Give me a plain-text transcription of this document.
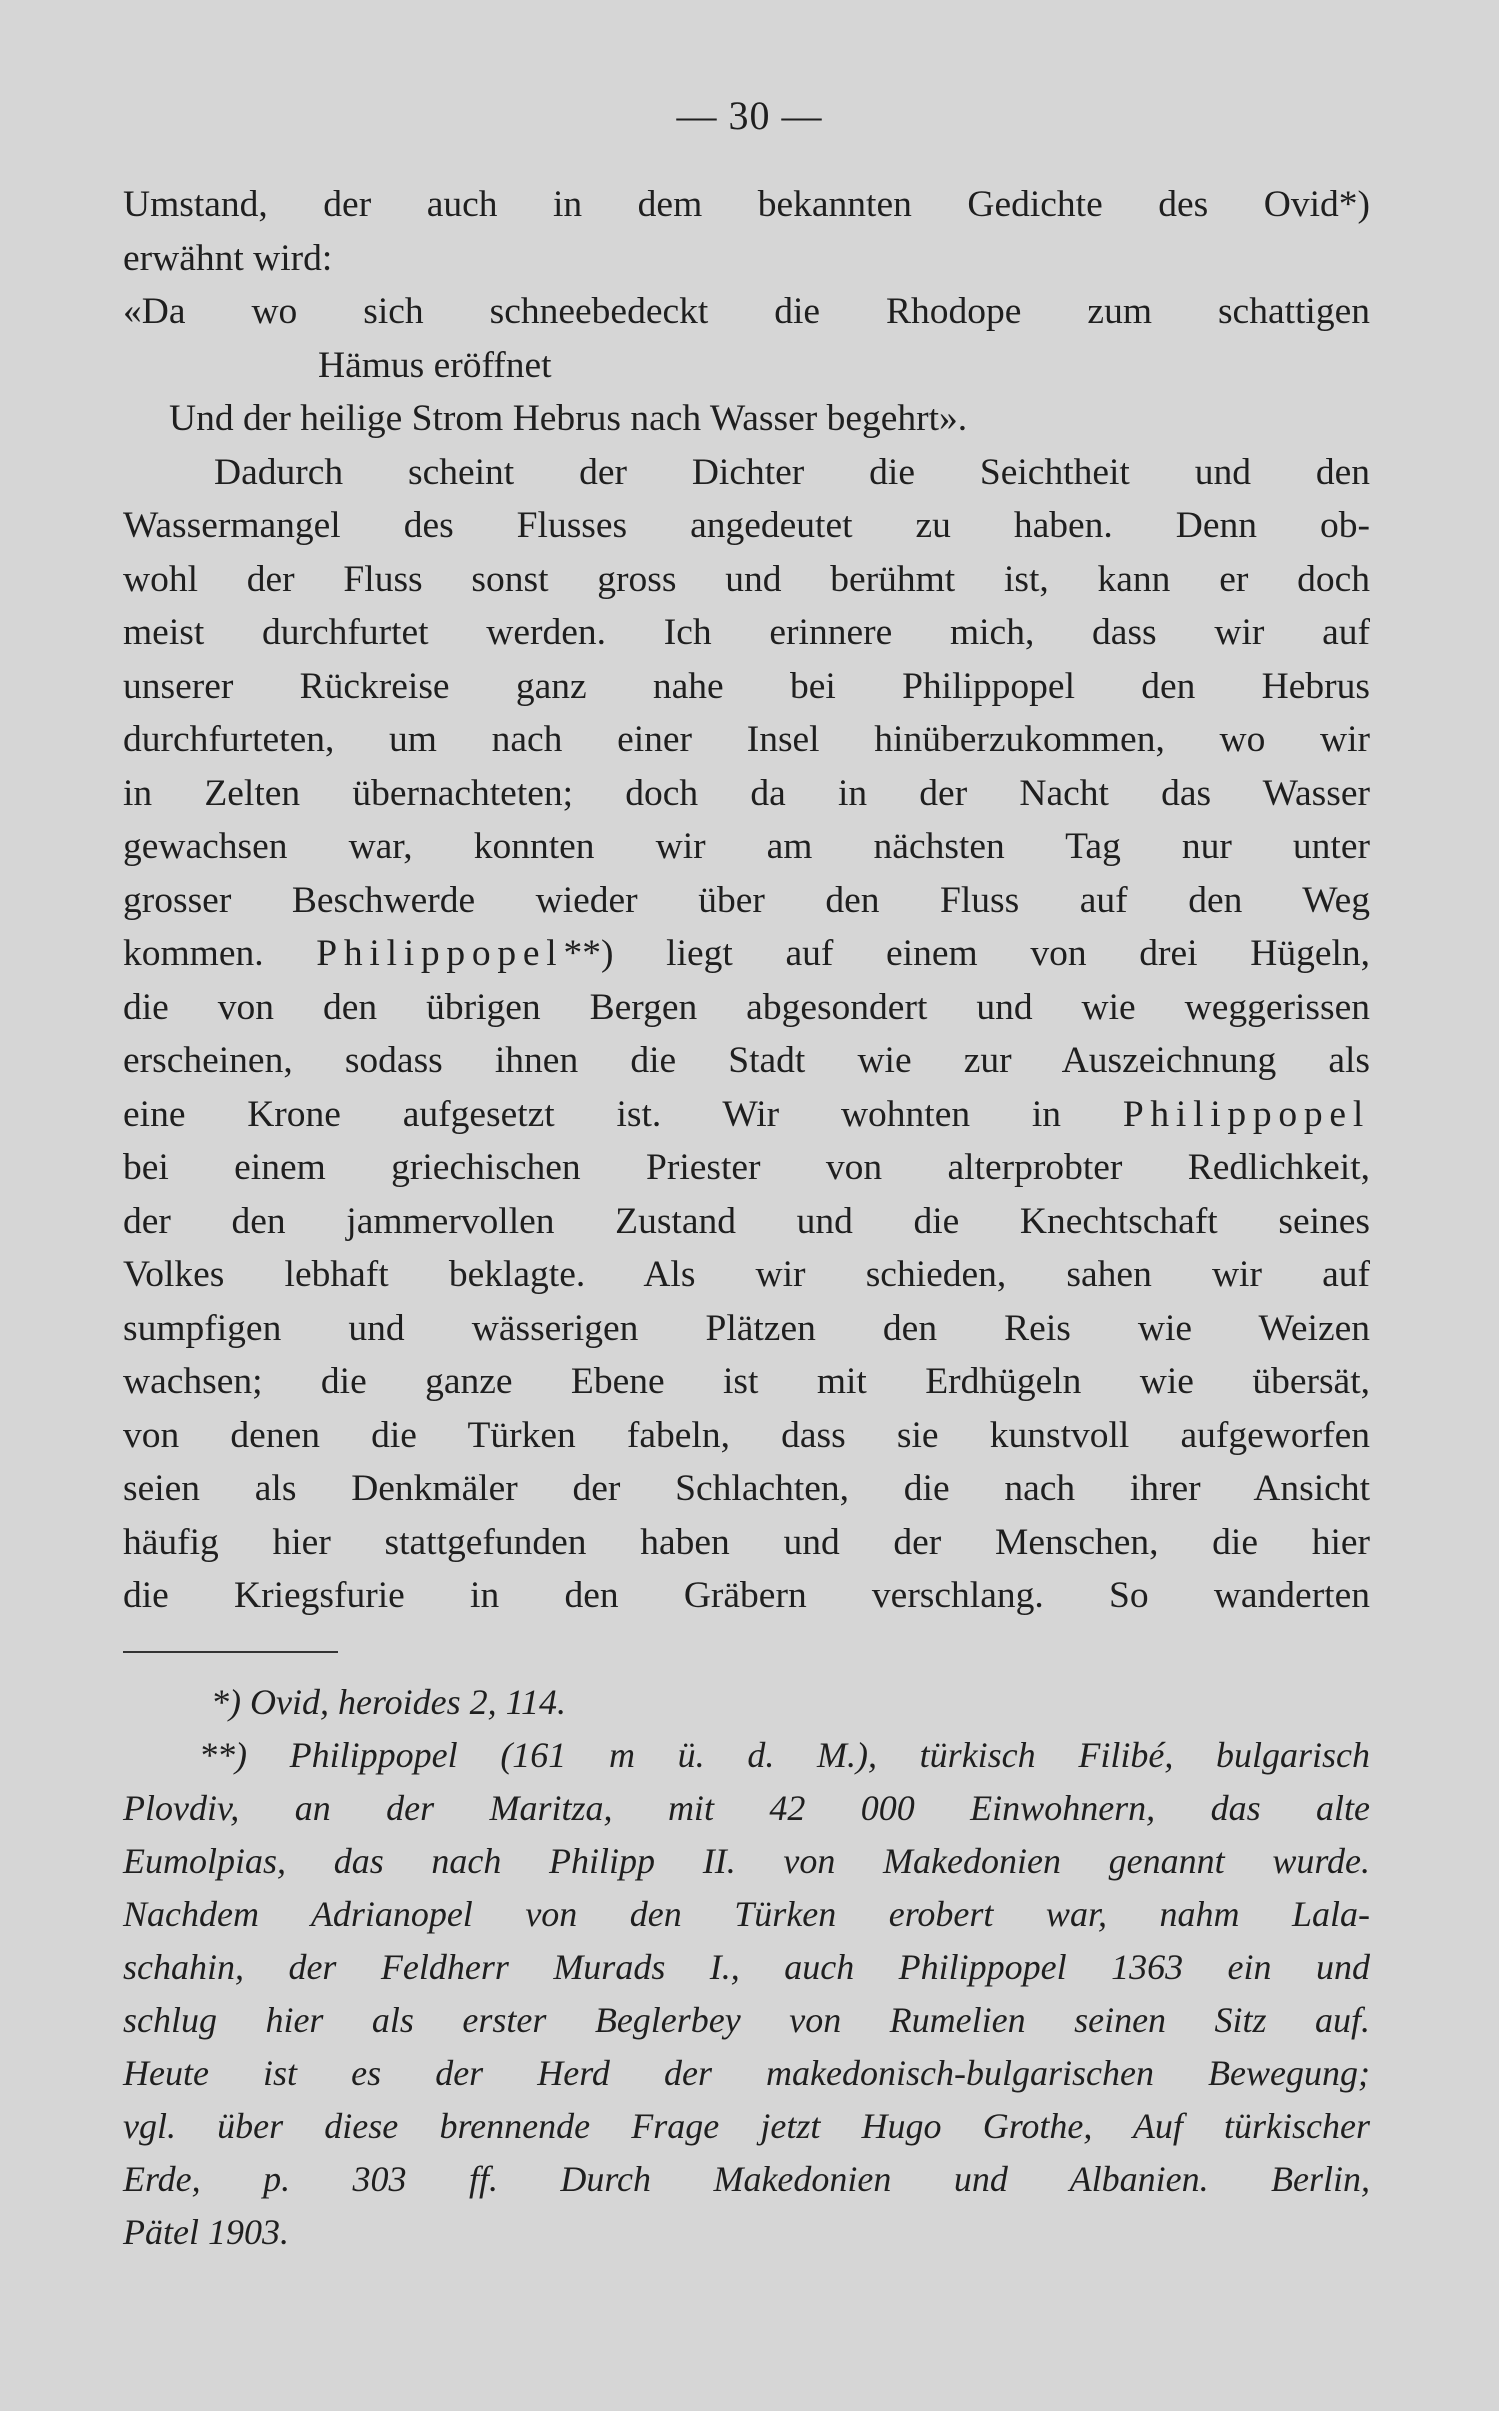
— 30 —
Umstand, der auch in dem bekannten Gedichte des Ovid*)
erwähnt wird:
«Da wo sich schneebedeckt die Rhodope zum schattigen
Hämus eröffnet
Und der heilige Strom Hebrus nach Wasser begehrt».
Dadurch scheint der Dichter die Seichtheit und den
Wassermangel des Flusses angedeutet zu haben. Denn ob-
wohl der Fluss sonst gross und berühmt ist, kann er doch
meist durchfurtet werden. Ich erinnere mich, dass wir auf
unserer Rückreise ganz nahe bei Philippopel den Hebrus
durchfurteten, um nach einer Insel hinüberzukommen, wo wir
in Zelten übernachteten; doch da in der Nacht das Wasser
gewachsen war, konnten wir am nächsten Tag nur unter
grosser Beschwerde wieder über den Fluss auf den Weg
kommen. Philippopel**) liegt auf einem von drei Hügeln,
die von den übrigen Bergen abgesondert und wie weggerissen
erscheinen, sodass ihnen die Stadt wie zur Auszeichnung als
eine Krone aufgesetzt ist. Wir wohnten in Philippopel
bei einem griechischen Priester von alterprobter Redlichkeit,
der den jammervollen Zustand und die Knechtschaft seines
Volkes lebhaft beklagte. Als wir schieden, sahen wir auf
sumpfigen und wässerigen Plätzen den Reis wie Weizen
wachsen; die ganze Ebene ist mit Erdhügeln wie übersät,
von denen die Türken fabeln, dass sie kunstvoll aufgeworfen
seien als Denkmäler der Schlachten, die nach ihrer Ansicht
häufig hier stattgefunden haben und der Menschen, die hier
die Kriegsfurie in den Gräbern verschlang. So wanderten
*) Ovid, heroides 2, 114.
**) Philippopel (161 m ü. d. M.), türkisch Filibé, bulgarisch
Plovdiv, an der Maritza, mit 42 000 Einwohnern, das alte
Eumolpias, das nach Philipp II. von Makedonien genannt wurde.
Nachdem Adrianopel von den Türken erobert war, nahm Lala-
schahin, der Feldherr Murads I., auch Philippopel 1363 ein und
schlug hier als erster Beglerbey von Rumelien seinen Sitz auf.
Heute ist es der Herd der makedonisch-bulgarischen Bewegung;
vgl. über diese brennende Frage jetzt Hugo Grothe, Auf türkischer
Erde, p. 303 ff. Durch Makedonien und Albanien. Berlin,
Pätel 1903.
